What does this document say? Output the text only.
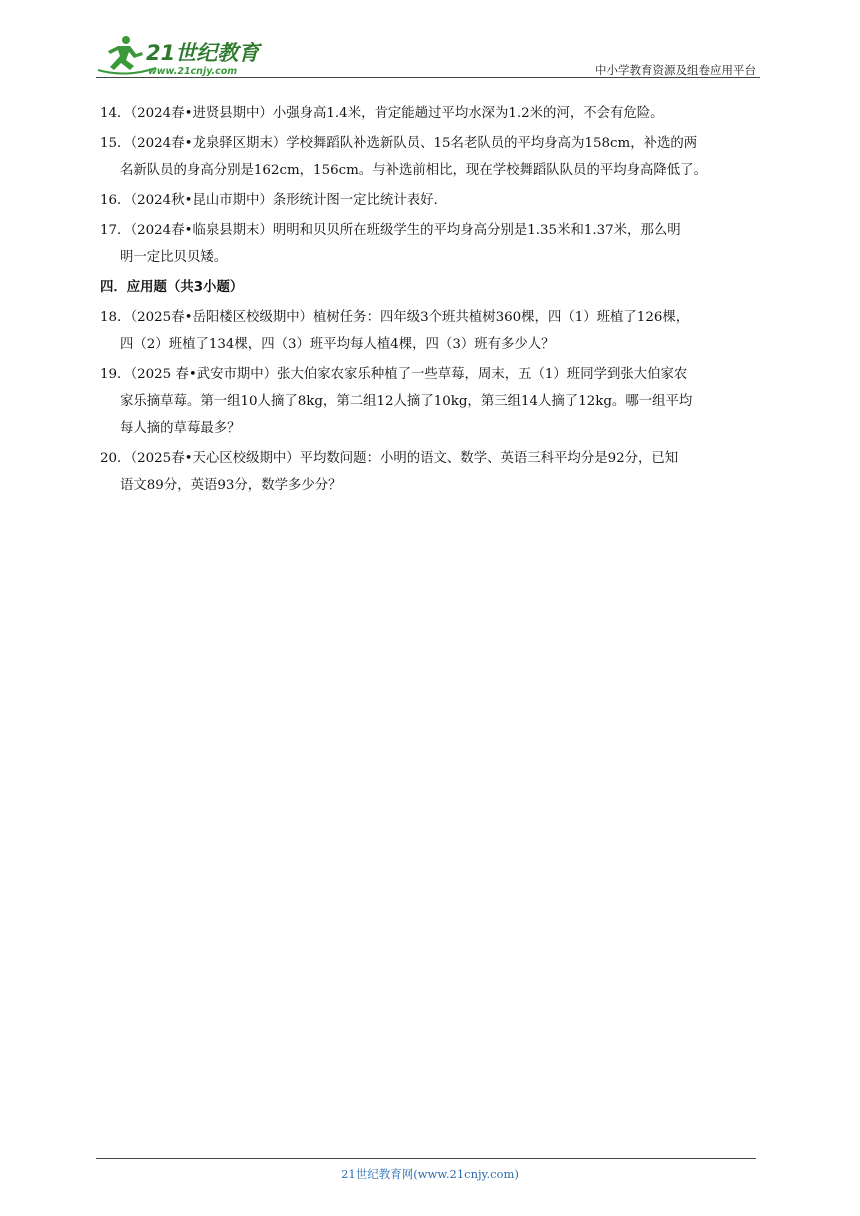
21世纪教育
www.21cnjy.com	中小学教育资源及组卷应用平台
14．（2024春•进贤县期中）小强身高1.4米，肯定能趟过平均水深为1.2米的河，不会有危险。
15．（2024春•龙泉驿区期末）学校舞蹈队补选新队员、15名老队员的平均身高为158cm，补选的两
名新队员的身高分别是162cm，156cm。与补选前相比，现在学校舞蹈队队员的平均身高降低了。
16．（2024秋•昆山市期中）条形统计图一定比统计表好.
17．（2024春•临泉县期末）明明和贝贝所在班级学生的平均身高分别是1.35米和1.37米，那么明
明一定比贝贝矮。
四．应用题（共3小题）
18．（2025春•岳阳楼区校级期中）植树任务：四年级3个班共植树360棵，四（1）班植了126棵，
四（2）班植了134棵，四（3）班平均每人植4棵，四（3）班有多少人？
19．（2025 春•武安市期中）张大伯家农家乐种植了一些草莓，周末，五（1）班同学到张大伯家农
家乐摘草莓。第一组10人摘了8kg，第二组12人摘了10kg，第三组14人摘了12kg。哪一组平均
每人摘的草莓最多？
20．（2025春•天心区校级期中）平均数问题：小明的语文、数学、英语三科平均分是92分，已知
语文89分，英语93分，数学多少分？
21世纪教育网(www.21cnjy.com)
